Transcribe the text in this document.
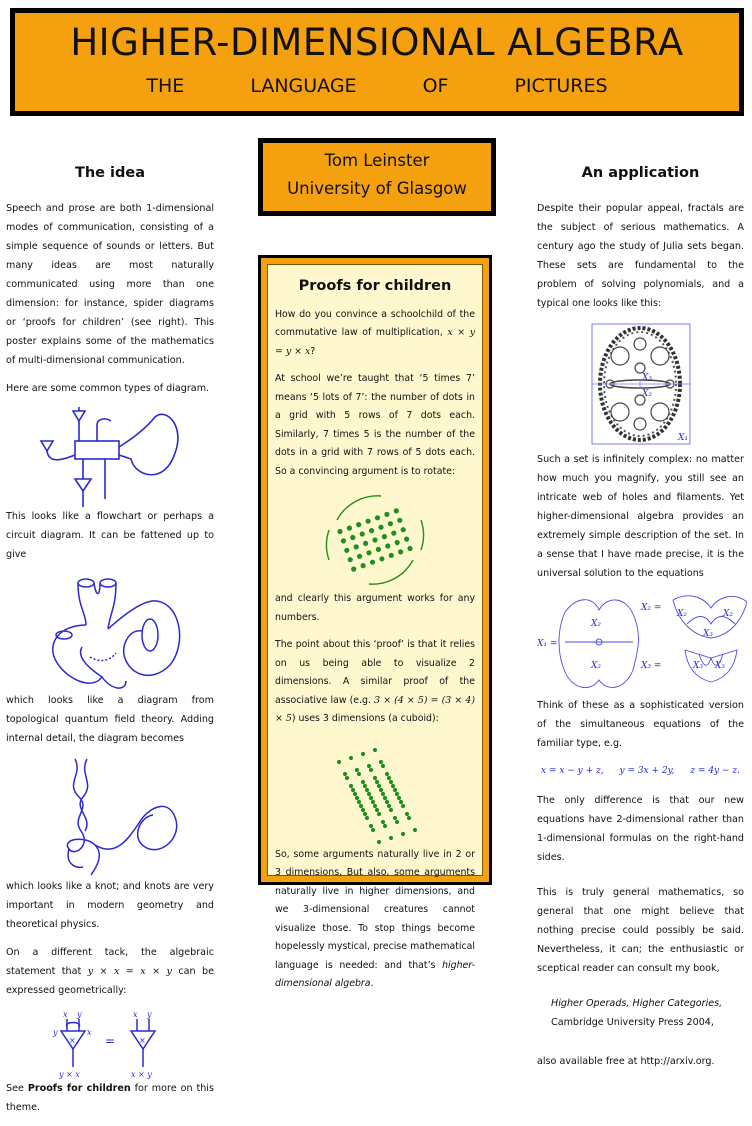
HIGHER-DIMENSIONAL ALGEBRA
THE	LANGUAGE	OF	PICTURES
The idea

Speech and prose are both 1-dimensional modes of communication, consisting of a simple sequence of sounds or letters. But many ideas are most naturally communicated using more than one dimension: for instance, spider diagrams or ‘proofs for children’ (see right). This poster explains some of the mathematics of multi-dimensional communication.

Here are some common types of diagram.

This looks like a flowchart or perhaps a circuit diagram. It can be fattened up to give

which looks like a diagram from topological quantum field theory. Adding internal detail, the diagram becomes

which looks like a knot; and knots are very important in modern geometry and theoretical physics.

On a different tack, the algebraic statement that y × x = x × y can be expressed geometrically:

x y
×
y	x
=
x y
×
y × x	x × y

See Proofs for children for more on this theme.

Tom Leinster
University of Glasgow
Proofs for children

How do you convince a schoolchild of the commutative law of multiplication, x × y = y × x?

At school we’re taught that ‘5 times 7’ means ‘5 lots of 7’: the number of dots in a grid with 5 rows of 7 dots each. Similarly, 7 times 5 is the number of the dots in a grid with 7 rows of 5 dots each. So a convincing argument is to rotate:

and clearly this argument works for any numbers.

The point about this ‘proof’ is that it relies on us being able to visualize 2 dimensions. A similar proof of the associative law (e.g. 3 × (4 × 5) = (3 × 4) × 5) uses 3 dimensions (a cuboid):

So, some arguments naturally live in 2 or 3 dimensions. But also, some arguments naturally live in higher dimensions, and we 3-dimensional creatures cannot visualize those. To stop things become hopelessly mystical, precise mathematical language is needed: and that’s higher-dimensional algebra.

An application

Despite their popular appeal, fractals are the subject of serious mathematics. A century ago the study of Julia sets began. These sets are fundamental to the problem of solving polynomials, and a typical one looks like this:

X₁
X₂
X₃

Such a set is infinitely complex: no matter how much you magnify, you still see an intricate web of holes and filaments. Yet higher-dimensional algebra provides an extremely simple description of the set. In a sense that I have made precise, it is the universal solution to the equations

X₁ =
X₂
X₂
X₂ =
X₂	X₂
X₃
X₃ =	X₃ X₃

Think of these as a sophisticated version of the simultaneous equations of the familiar type, e.g.

x = x − y + z, y = 3x + 2y, z = 4y − z.

The only difference is that our new equations have 2-dimensional rather than 1-dimensional formulas on the right-hand sides.

This is truly general mathematics, so general that one might believe that nothing precise could possibly be said. Nevertheless, it can; the enthusiastic or sceptical reader can consult my book,

Higher Operads, Higher Categories,
Cambridge University Press 2004,

also available free at http://arxiv.org.
